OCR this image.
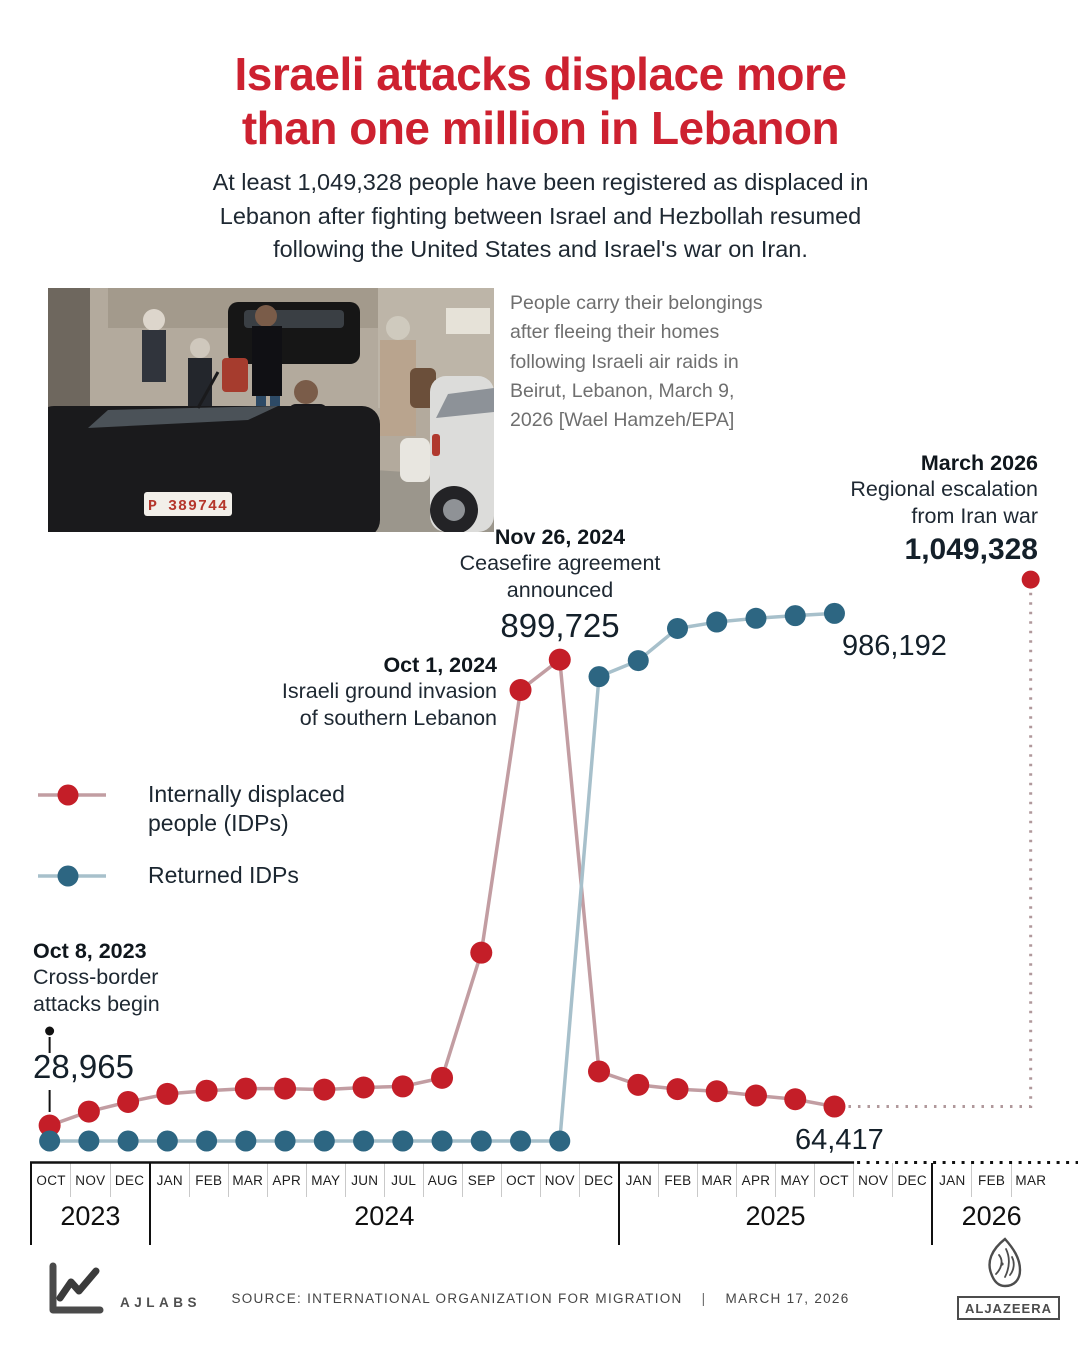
Israeli attacks displace more
than one million in Lebanon
At least 1,049,328 people have been registered as displaced in
Lebanon after fighting between Israel and Hezbollah resumed
following the United States and Israel's war on Iran.
P 389744
People carry their belongings
after fleeing their homes
following Israeli air raids in
Beirut, Lebanon, March 9,
2026 [Wael Hamzeh/EPA]
March 2026
Regional escalation
from Iran war
1,049,328
Nov 26, 2024
Ceasefire agreement
announced
899,725
Oct 1, 2024
Israeli ground invasion
of southern Lebanon
Oct 8, 2023
Cross-border
attacks begin
28,965
986,192
64,417
Internally displaced
people (IDPs)
Returned IDPs
OCT NOV DEC
2023
JAN FEB MAR APR MAY JUN JUL AUG SEP OCT NOV DEC
2024
JAN FEB MAR APR MAY OCT NOV DEC
2025
JAN FEB MAR
2026
AJLABS	SOURCE: INTERNATIONAL ORGANIZATION FOR MIGRATION | MARCH 17, 2026
ALJAZEERA
